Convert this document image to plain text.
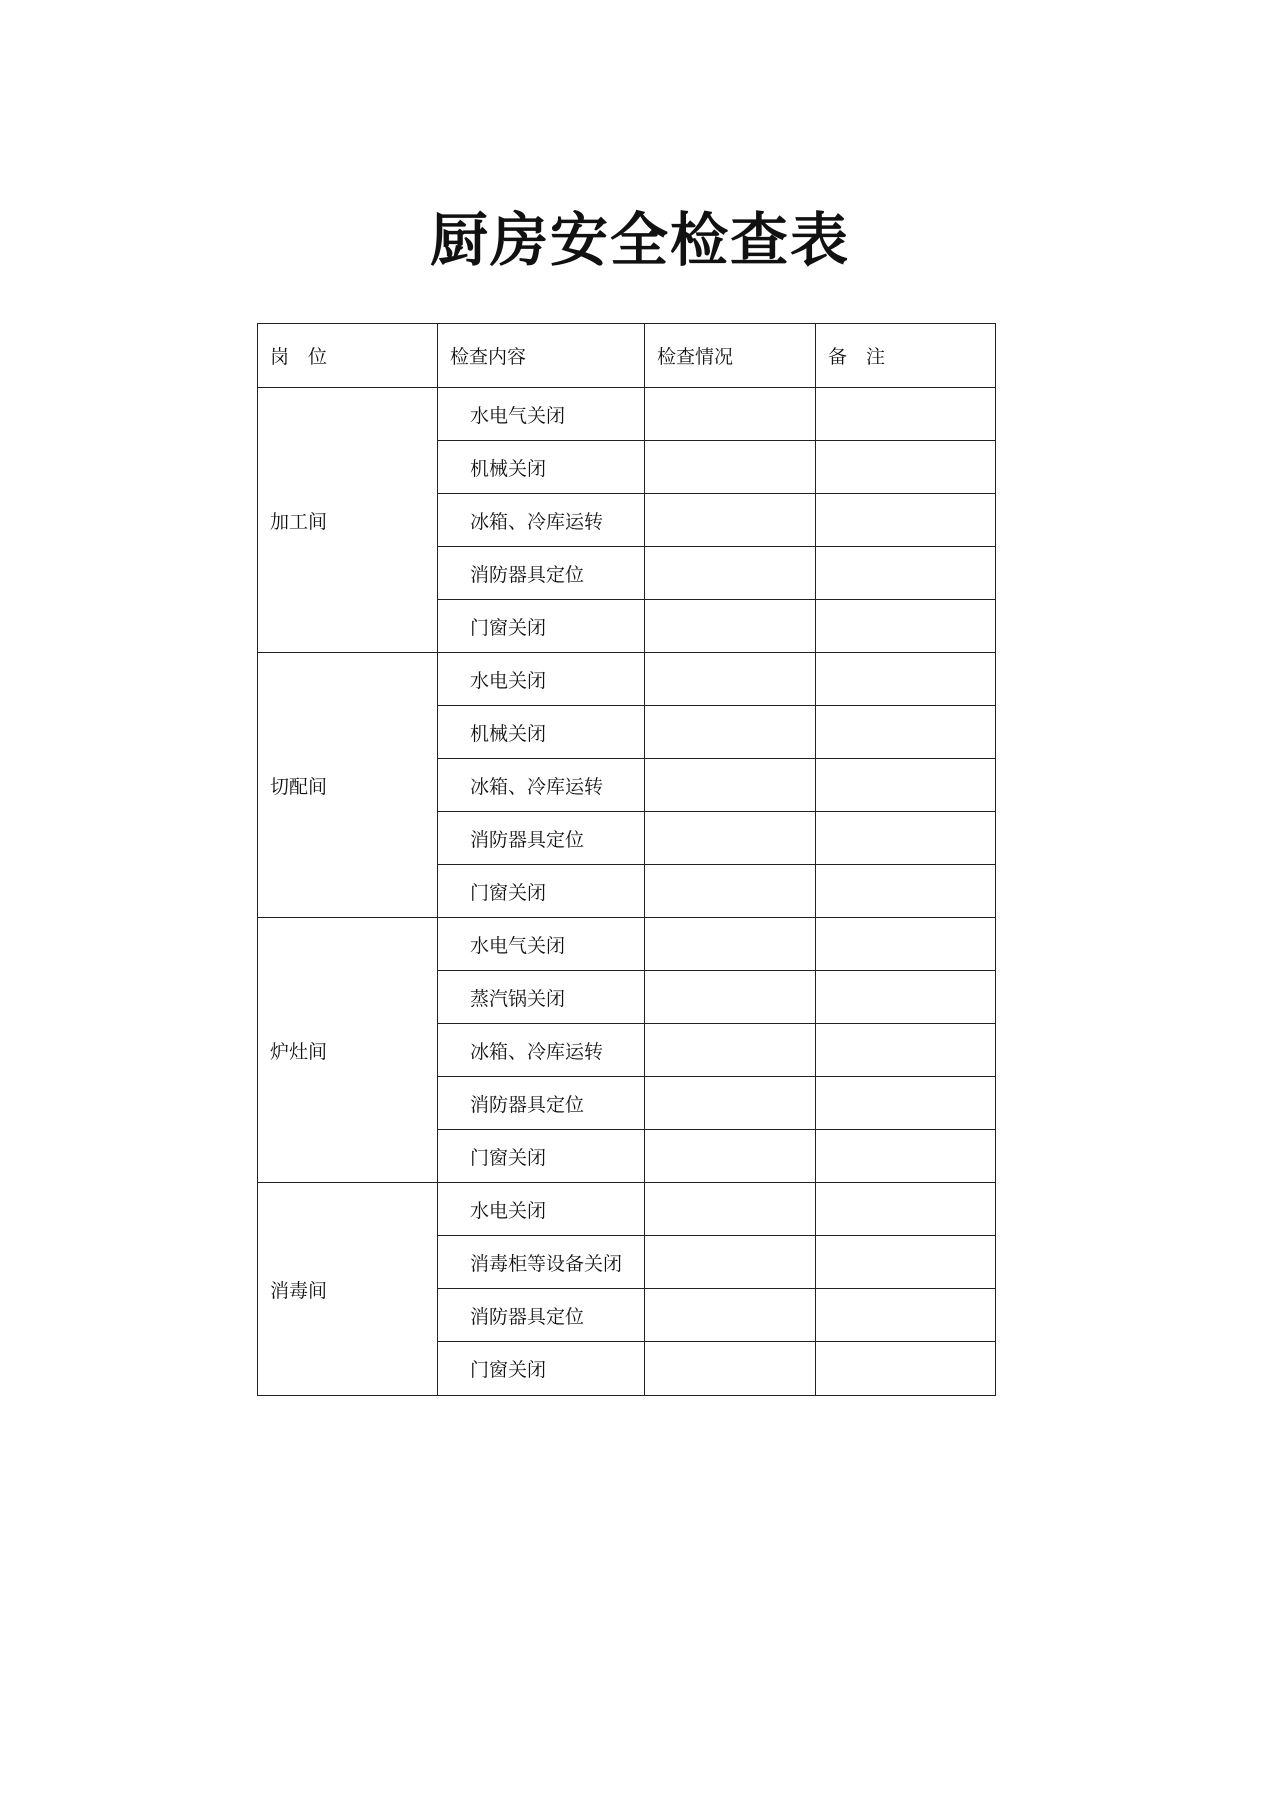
厨房安全检查表
岗　位	检查内容	检查情况	备　注
加工间	水电气关闭		
	机械关闭		
	冰箱、冷库运转		
	消防器具定位		
	门窗关闭		
切配间	水电关闭		
	机械关闭		
	冰箱、冷库运转		
	消防器具定位		
	门窗关闭		
炉灶间	水电气关闭		
	蒸汽锅关闭		
	冰箱、冷库运转		
	消防器具定位		
	门窗关闭		
消毒间	水电关闭		
	消毒柜等设备关闭		
	消防器具定位		
	门窗关闭		
